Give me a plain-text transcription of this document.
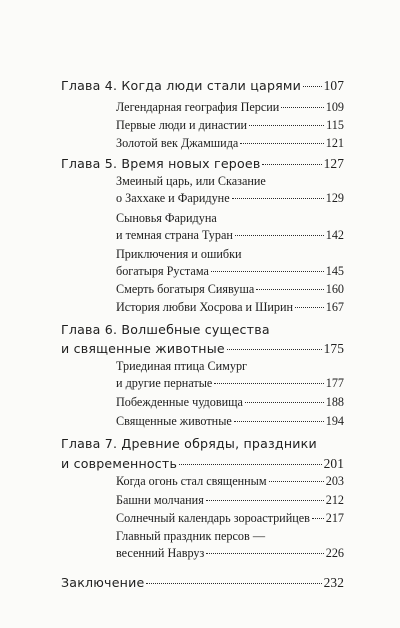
Глава 4. Когда люди стали царями 107
Легендарная география Персии	109
Первые люди и династии	115
Золотой век Джамшида	121
Глава 5. Время новых героев	127
Змеиный царь, или Сказание
о Заххаке и Фаридуне	129
Сыновья Фаридуна
и темная страна Туран	142
Приключения и ошибки
богатыря Рустама	145
Смерть богатыря Сиявуша	160
История любви Хосрова и Ширин	167
Глава 6. Волшебные существа
и священные животные	175
Триединая птица Симург
и другие пернатые	177
Побежденные чудовища	188
Священные животные	194
Глава 7. Древние обряды, праздники
и современность	201
Когда огонь стал священным	203
Башни молчания	212
Солнечный календарь зороастрийцев 217
Главный праздник персов —
весенний Навруз	226
Заключение	232
